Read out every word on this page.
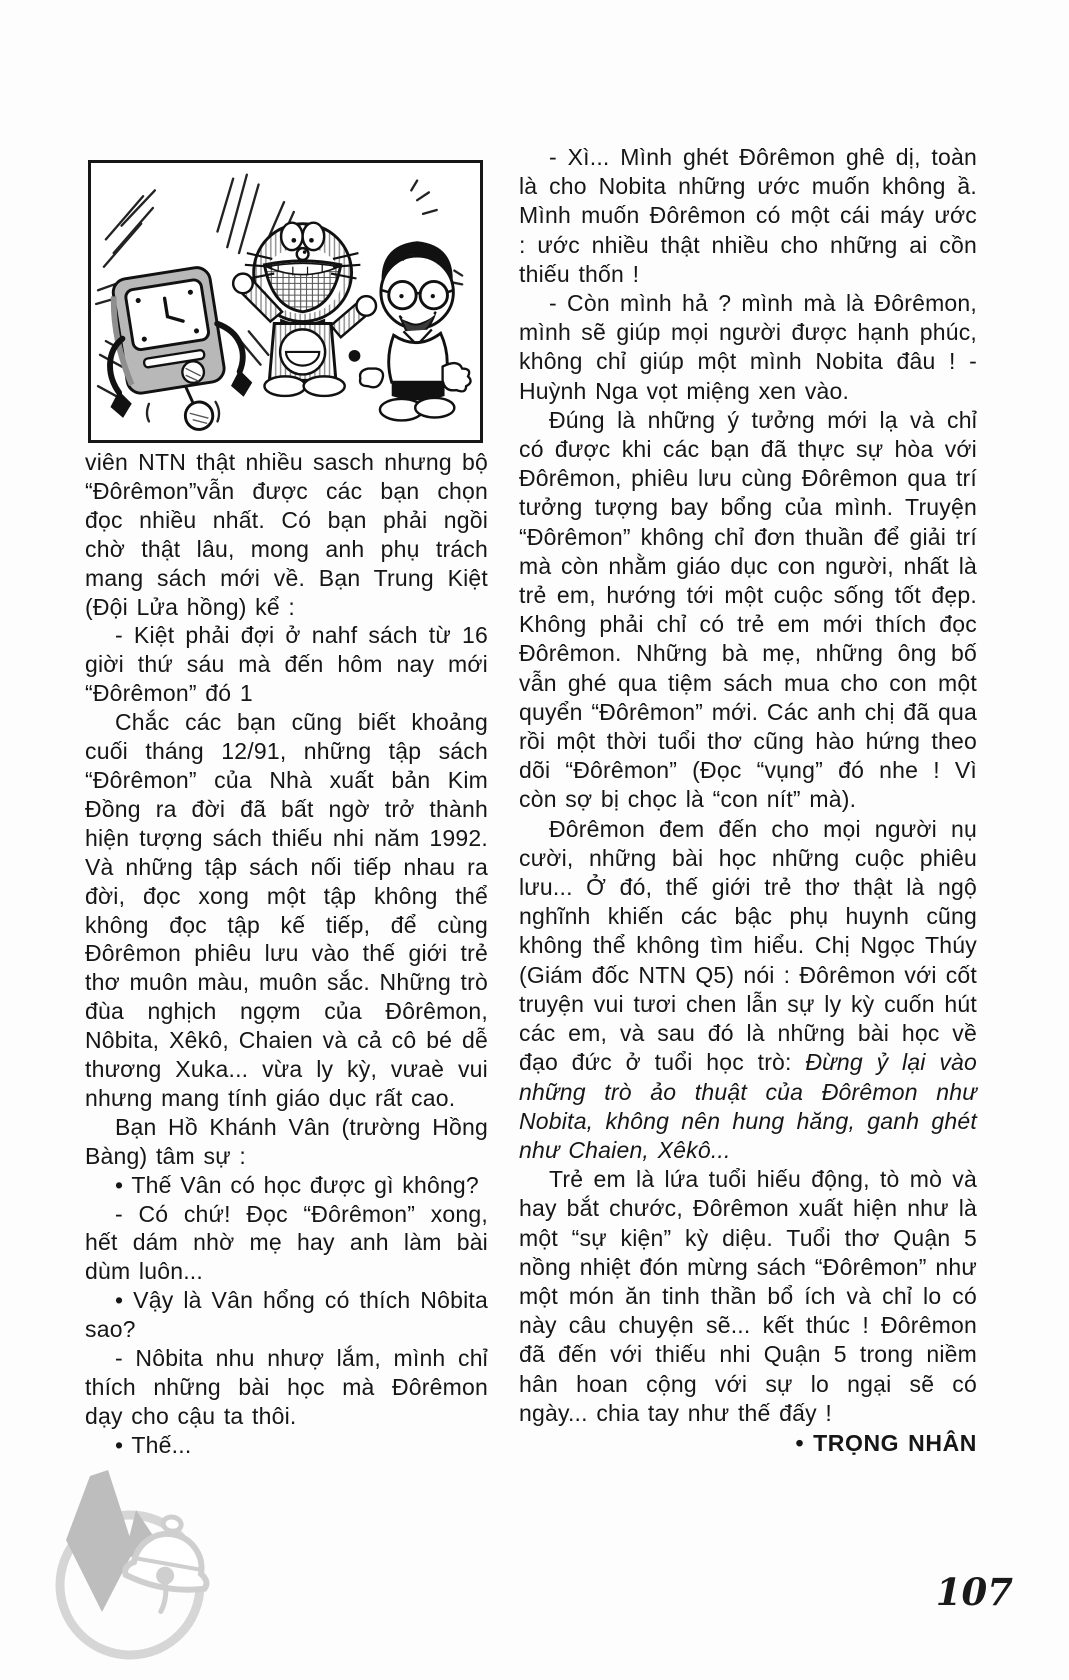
viên NTN thật nhiều sasch nhưng bộ “Đôrêmon”vẫn được các bạn chọn đọc nhiều nhất. Có bạn phải ngồi chờ thật lâu, mong anh phụ trách mang sách mới về. Bạn Trung Kiệt (Đội Lửa hồng) kể :

- Kiệt phải đợi ở nahf sách từ 16 giời thứ sáu mà đến hôm nay mới “Đôrêmon” đó 1

Chắc các bạn cũng biết khoảng cuối tháng 12/91, những tập sách “Đôrêmon” của Nhà xuất bản Kim Đồng ra đời đã bất ngờ trở thành hiện tượng sách thiếu nhi năm 1992. Và những tập sách nối tiếp nhau ra đời, đọc xong một tập không thể không đọc tập kế tiếp, để cùng Đôrêmon phiêu lưu vào thế giới trẻ thơ muôn màu, muôn sắc. Những trò đùa nghịch ngợm của Đôrêmon, Nôbita, Xêkô, Chaien và cả cô bé dễ thương Xuka... vừa ly kỳ, vưaè vui nhưng mang tính giáo dục rất cao.

Bạn Hồ Khánh Vân (trường Hồng Bàng) tâm sự :

• Thế Vân có học được gì không?

- Có chứ! Đọc “Đôrêmon” xong, hết dám nhờ mẹ hay anh làm bài dùm luôn...

• Vậy là Vân hổng có thích Nôbita sao?

- Nôbita nhu nhượ lắm, mình chỉ thích những bài học mà Đôrêmon dạy cho cậu ta thôi.

• Thế...

- Xì... Mình ghét Đôrêmon ghê dị, toàn là cho Nobita những ước muốn không ầ. Mình muốn Đôrêmon có một cái máy ước : ước nhiều thật nhiều cho những ai cồn thiếu thốn !

- Còn mình hả ? mình mà là Đôrêmon, mình sẽ giúp mọi người được hạnh phúc, không chỉ giúp một mình Nobita đâu ! - Huỳnh Nga vọt miệng xen vào.

Đúng là những ý tưởng mới lạ và chỉ có được khi các bạn đã thực sự hòa với Đôrêmon, phiêu lưu cùng Đôrêmon qua trí tưởng tượng bay bổng của mình. Truyện “Đôrêmon” không chỉ đơn thuần để giải trí mà còn nhằm giáo dục con người, nhất là trẻ em, hướng tới một cuộc sống tốt đẹp. Không phải chỉ có trẻ em mới thích đọc Đôrêmon. Những bà mẹ, những ông bố vẫn ghé qua tiệm sách mua cho con một quyển “Đôrêmon” mới. Các anh chị đã qua rồi một thời tuổi thơ cũng hào hứng theo dõi “Đôrêmon” (Đọc “vụng” đó nhe ! Vì còn sợ bị chọc là “con nít” mà).

Đôrêmon đem đến cho mọi người nụ cười, những bài học những cuộc phiêu lưu... Ở đó, thế giới trẻ thơ thật là ngộ nghĩnh khiến các bậc phụ huynh cũng không thể không tìm hiểu. Chị Ngọc Thúy (Giám đốc NTN Q5) nói : Đôrêmon với cốt truyện vui tươi chen lẫn sự ly kỳ cuốn hút các em, và sau đó là những bài học về đạo đức ở tuổi học trò: Đừng ỷ lại vào những trò ảo thuật của Đôrêmon như Nobita, không nên hung hăng, ganh ghét như Chaien, Xêkô...

Trẻ em là lứa tuổi hiếu động, tò mò và hay bắt chước, Đôrêmon xuất hiện như là một “sự kiện” kỳ diệu. Tuổi thơ Quận 5 nồng nhiệt đón mừng sách “Đôrêmon” như một món ăn tinh thần bổ ích và chỉ lo có này câu chuyện sẽ... kết thúc ! Đôrêmon đã đến với thiếu nhi Quận 5 trong niềm hân hoan cộng với sự lo ngại sẽ có ngày... chia tay như thế đấy !

• TRỌNG NHÂN

107
